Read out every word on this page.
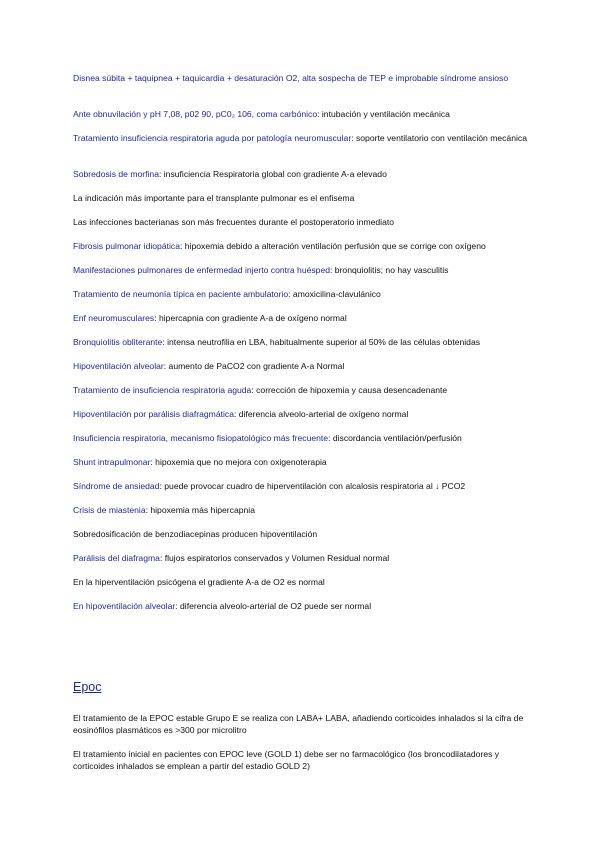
Disnea súbita + taquipnea + taquicardia + desaturación O2, alta sospecha de TEP e improbable síndrome ansioso
Ante obnuvilación y pH 7,08, p02 90, pC0₂ 106, coma carbónico: intubación y ventilación mecánica
Tratamiento insuficiencia respiratoria aguda por patología neuromuscular: soporte ventilatorio con ventilación mecánica
Sobredosis de morfina: insuficiencia Respiratoria global con gradiente A-a elevado
La indicación más importante para el transplante pulmonar es el enfisema
Las infecciones bacterianas son más frecuentes durante el postoperatorio inmediato
Fibrosis pulmonar idiopática: hipoxemia debido a alteración ventilación perfusión que se corrige con oxígeno
Manifestaciones pulmonares de enfermedad injerto contra huésped: bronquiolitis; no hay vasculitis
Tratamiento de neumonía típica en paciente ambulatorio: amoxicilina-clavulánico
Enf neuromusculares: hipercapnia con gradiente A-a de oxígeno normal
Bronquiolitis obliterante: intensa neutrofilia en LBA, habitualmente superior al 50% de las células obtenidas
Hipoventilación alveolar: aumento de PaCO2 con gradiente A-a Normal
Tratamiento de insuficiencia respiratoria aguda: corrección de hipoxemia y causa desencadenante
Hipoventilación por parálisis diafragmática: diferencia alveolo-arterial de oxígeno normal
Insuficiencia respiratoria, mecanismo fisiopatológico más frecuente: discordancia ventilación/perfusión
Shunt intrapulmonar: hipoxemia que no mejora con oxigenoterapia
Síndrome de ansiedad: puede provocar cuadro de hiperventilación con alcalosis respiratoria al ↓ PCO2
Crisis de miastenia: hipoxemia más hipercapnia
Sobredosificación de benzodiacepinas producen hipoventilación
Parálisis del diafragma: flujos espiratorios conservados y \/olumen Residual normal
En la hiperventilación psicógena el gradiente A-a de O2 es normal
En hipoventilación alveolar: diferencia alveolo-arterial de O2 puede ser normal
Epoc
El tratamiento de la EPOC estable Grupo E se realiza con LABA+ LABA, añadiendo corticoides inhalados si la cifra de eosinófilos plasmáticos es >300 por microlitro
El tratamiento inicial en pacientes con EPOC leve (GOLD 1) debe ser no farmacológico (los broncodilatadores y corticoides inhalados se emplean a partir del estadio GOLD 2)
